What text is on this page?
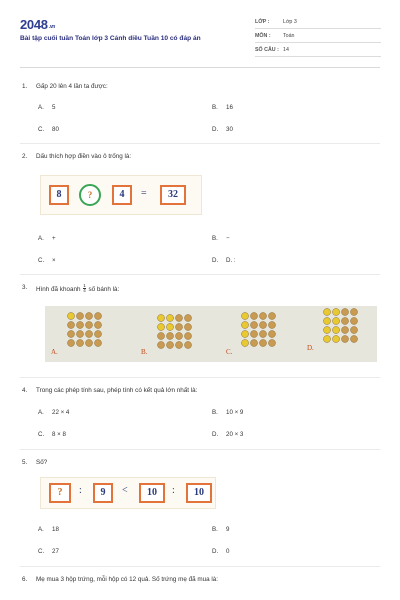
2048.vn
Bài tập cuối tuần Toán lớp 3 Cánh diều Tuần 10 có đáp án
LỚP :	Lớp 3
MÔN : Toán
SỐ CÂU : 14
1. Gấp 20 lên 4 lần ta được:
A. 5	B. 16
C. 80	D. 30
2. Dấu thích hợp điền vào ô trống là:
8	?	4	=	32
A. +	B. −
C. ×	D. D. :
3. Hình đã khoanh $\frac{1}{4}$ số bánh là:
A.	B.	C.	D.
4. Trong các phép tính sau, phép tính có kết quả lớn nhất là:
A. 22 × 4	B. 10 × 9
C. 8 × 8	D. 20 × 3
5. Số?
?	:	9	<	10	:	10
A. 18	B. 9
C. 27	D. 0
6. Mẹ mua 3 hộp trứng, mỗi hộp có 12 quả. Số trứng mẹ đã mua là:
